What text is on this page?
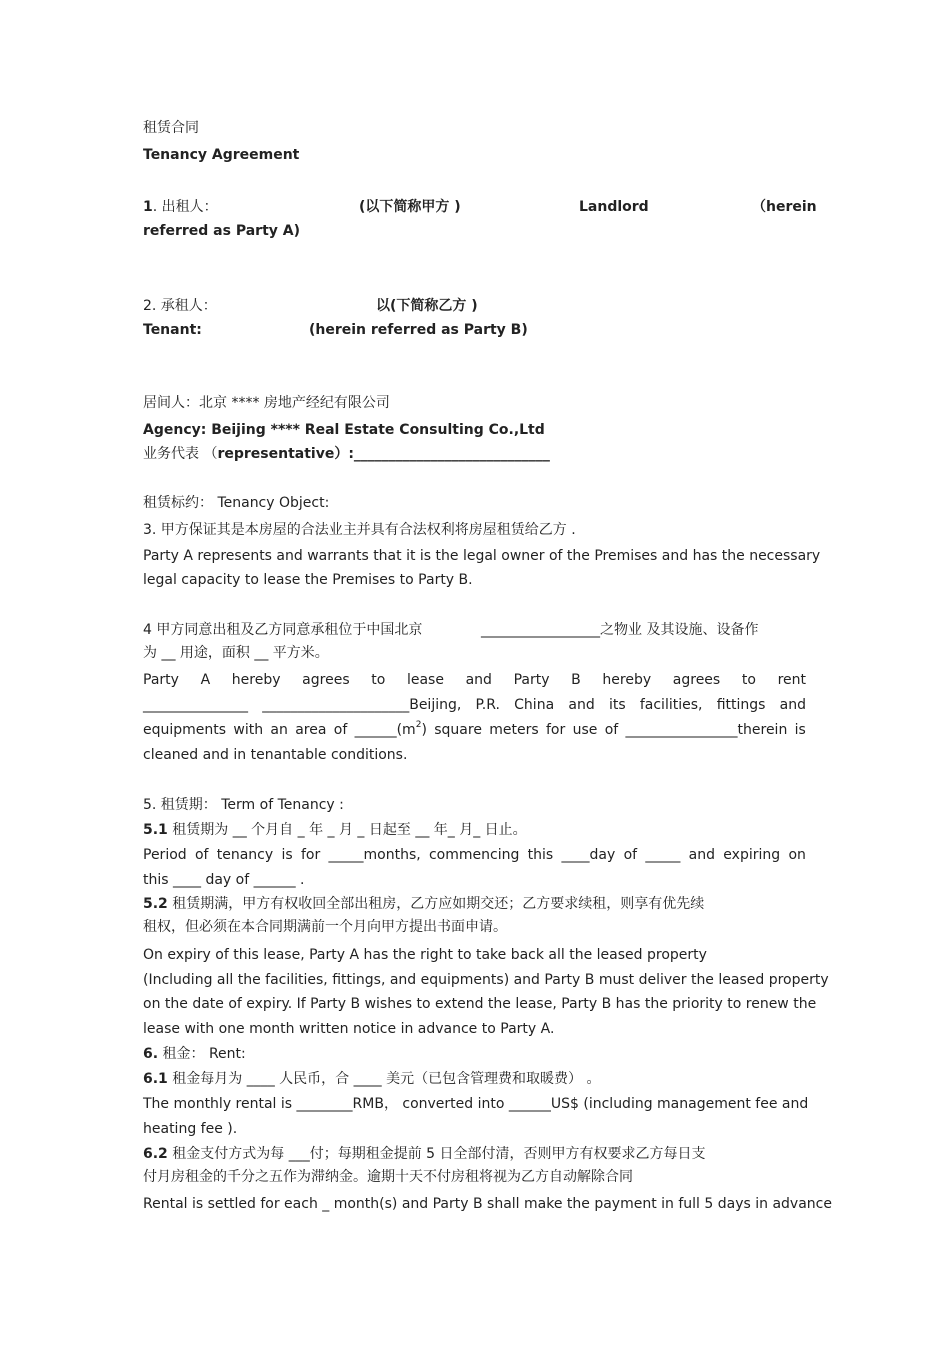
租赁合同
Tenancy Agreement
1. 出租人：	(以下简称甲方 )	Landlord	（herein
referred as Party A)
2. 承租人：	以(下简称乙方 )
Tenant:	(herein referred as Party B)
居间人：北京 **** 房地产经纪有限公司
Agency: Beijing **** Real Estate Consulting Co.,Ltd
业务代表 （representative）:____________________________
租赁标约： Tenancy Object:
3. 甲方保证其是本房屋的合法业主并具有合法权利将房屋租赁给乙方 .
Party A represents and warrants that it is the legal owner of the Premises and has the necessary
legal capacity to lease the Premises to Party B.
4 甲方同意出租及乙方同意承租位于中国北京	_________________之物业 及其设施、设备作
为 __ 用途，面积 __ 平方米。
Party A hereby agrees to lease and Party B hereby agrees to rent
_______________ _____________________Beijing, P.R. China and its facilities, fittings and
equipments with an area of $\_\_\_\_\_\_(m^2)$ square meters for use of ________________therein is
cleaned and in tenantable conditions.
5. 租赁期： Term of Tenancy :
5.1 租赁期为 __ 个月自 _ 年 _ 月 _ 日起至 __ 年_ 月_ 日止。
Period of tenancy is for _____months, commencing this ____day of _____ and expiring on
this ____ day of ______ .
5.2 租赁期满，甲方有权收回全部出租房，乙方应如期交还；乙方要求续租，则享有优先续
租权，但必须在本合同期满前一个月向甲方提出书面申请。
On expiry of this lease, Party A has the right to take back all the leased property
(Including all the facilities, fittings, and equipments) and Party B must deliver the leased property
on the date of expiry. If Party B wishes to extend the lease, Party B has the priority to renew the
lease with one month written notice in advance to Party A.
6. 租金： Rent:
6.1 租金每月为 ____ 人民币，合 ____ 美元（已包含管理费和取暖费） 。
The monthly rental is ________RMB， converted into ______US$ (including management fee and
heating fee ).
6.2 租金支付方式为每 ___付；每期租金提前 5 日全部付清，否则甲方有权要求乙方每日支
付月房租金的千分之五作为滞纳金。逾期十天不付房租将视为乙方自动解除合同
Rental is settled for each _ month(s) and Party B shall make the payment in full 5 days in advance
